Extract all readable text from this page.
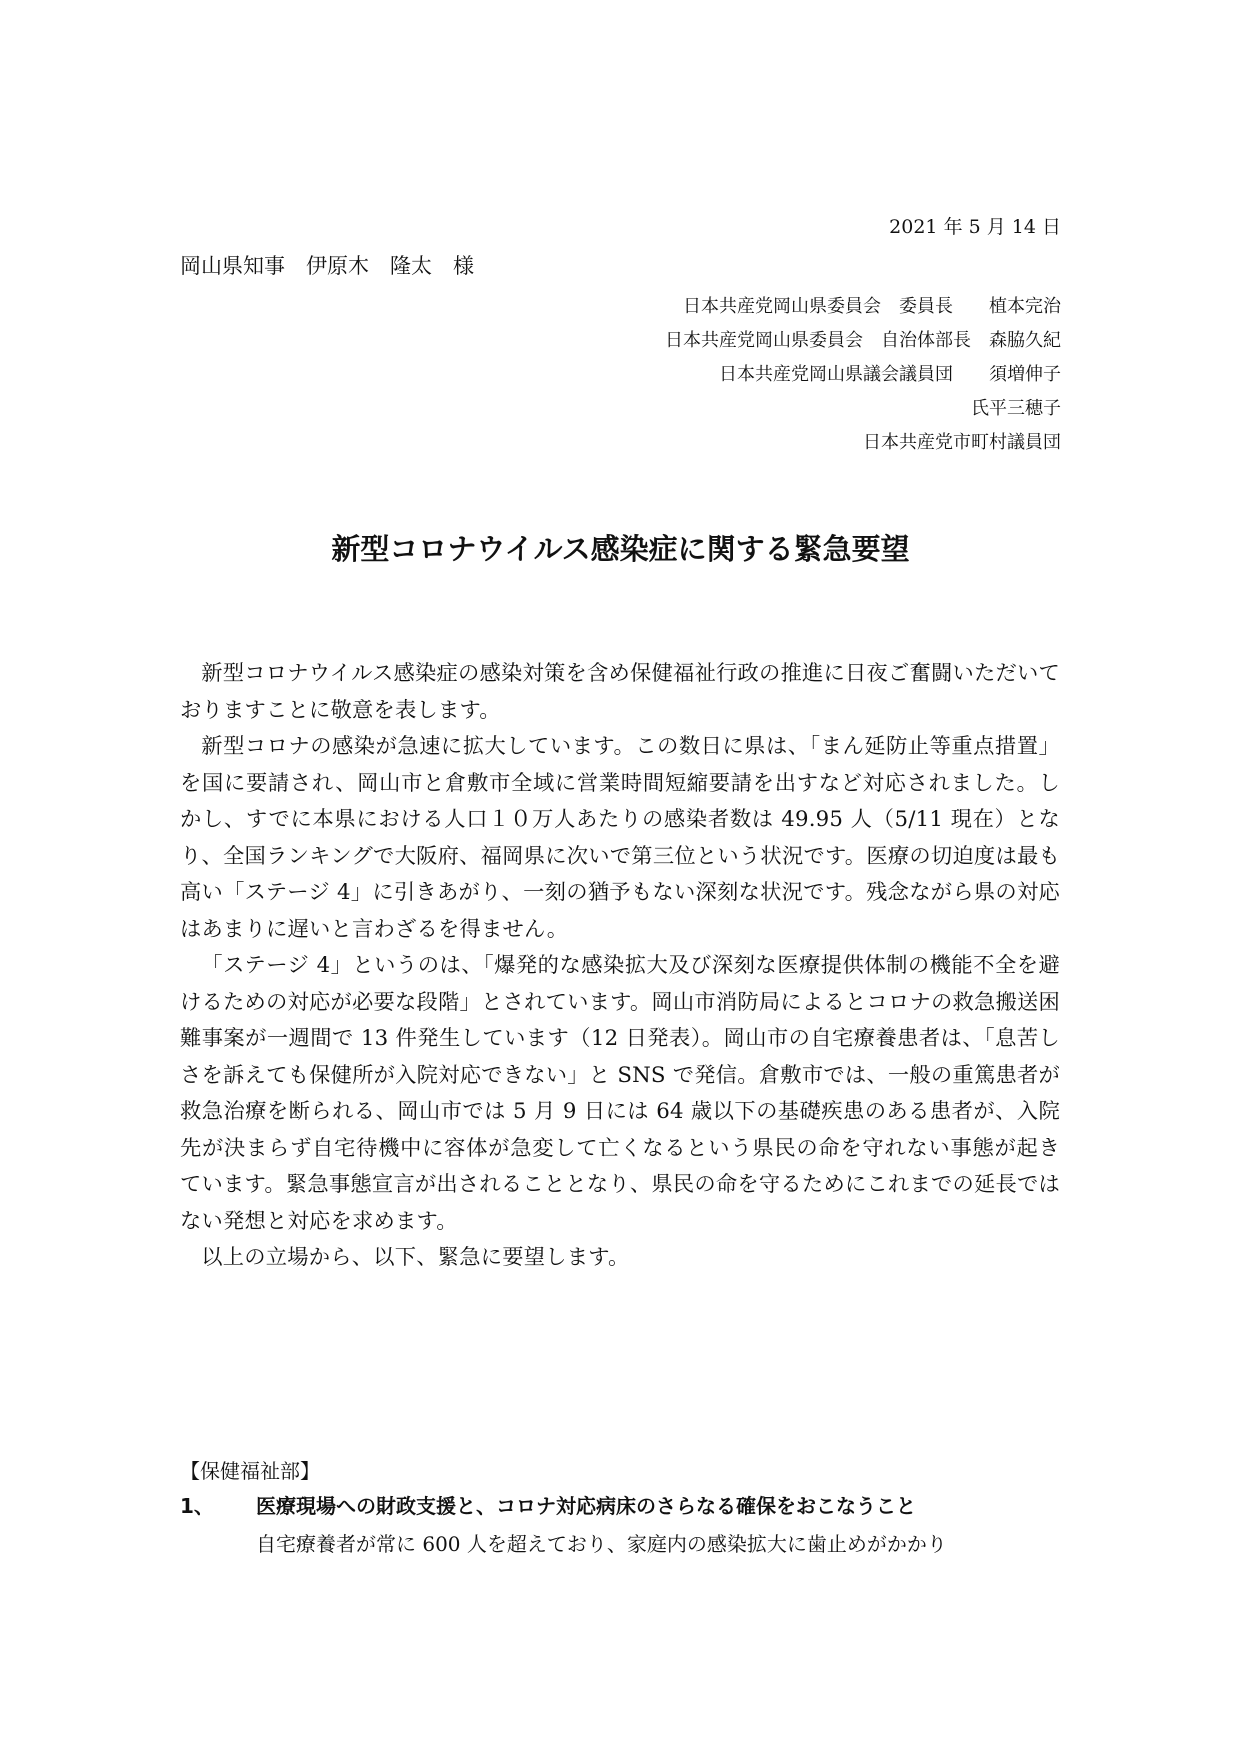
2021 年 5 月 14 日
岡山県知事　伊原木　隆太　様
日本共産党岡山県委員会　委員長　　植本完治
日本共産党岡山県委員会　自治体部長　森脇久紀
日本共産党岡山県議会議員団　　須増伸子
氏平三穂子
日本共産党市町村議員団
新型コロナウイルス感染症に関する緊急要望

新型コロナウイルス感染症の感染対策を含め保健福祉行政の推進に日夜ご奮闘いただいておりますことに敬意を表します。

新型コロナの感染が急速に拡大しています。この数日に県は、「まん延防止等重点措置」を国に要請され、岡山市と倉敷市全域に営業時間短縮要請を出すなど対応されました。しかし、すでに本県における人口１０万人あたりの感染者数は 49.95 人（5/11 現在）となり、全国ランキングで大阪府、福岡県に次いで第三位という状況です。医療の切迫度は最も高い「ステージ 4」に引きあがり、一刻の猶予もない深刻な状況です。残念ながら県の対応はあまりに遅いと言わざるを得ません。

「ステージ 4」というのは、「爆発的な感染拡大及び深刻な医療提供体制の機能不全を避けるための対応が必要な段階」とされています。岡山市消防局によるとコロナの救急搬送困難事案が一週間で 13 件発生しています（12 日発表）。岡山市の自宅療養患者は、「息苦しさを訴えても保健所が入院対応できない」と SNS で発信。倉敷市では、一般の重篤患者が救急治療を断られる、岡山市では 5 月 9 日には 64 歳以下の基礎疾患のある患者が、入院先が決まらず自宅待機中に容体が急変して亡くなるという県民の命を守れない事態が起きています。緊急事態宣言が出されることとなり、県民の命を守るためにこれまでの延長ではない発想と対応を求めます。

以上の立場から、以下、緊急に要望します。

【保健福祉部】
1、 医療現場への財政支援と、コロナ対応病床のさらなる確保をおこなうこと
自宅療養者が常に 600 人を超えており、家庭内の感染拡大に歯止めがかかり
